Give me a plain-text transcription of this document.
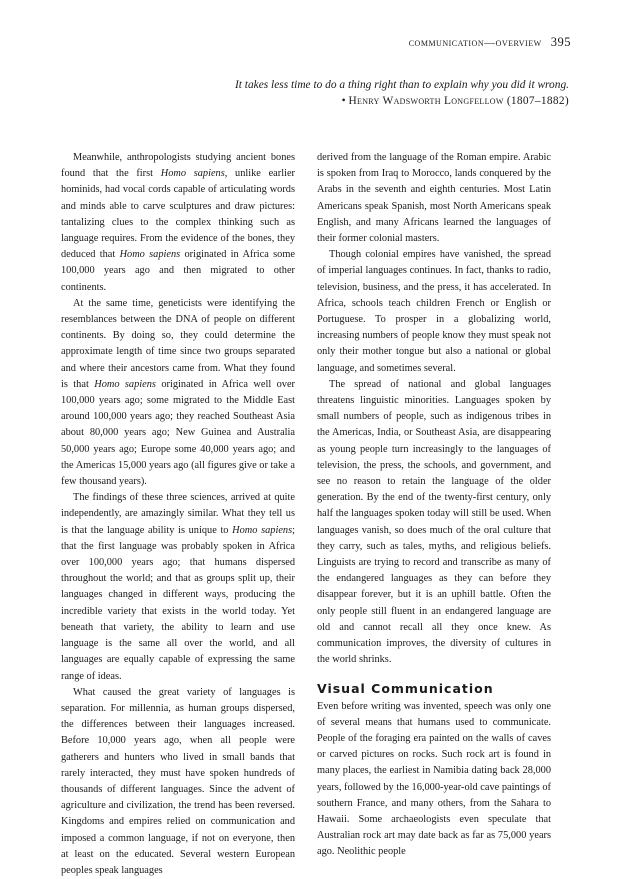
communication—overview 395
It takes less time to do a thing right than to explain why you did it wrong. • Henry Wadsworth Longfellow (1807–1882)

Meanwhile, anthropologists studying ancient bones found that the first Homo sapiens, unlike earlier hominids, had vocal cords capable of articulating words and minds able to carve sculptures and draw pictures: tantalizing clues to the complex thinking such as language requires. From the evidence of the bones, they deduced that Homo sapiens originated in Africa some 100,000 years ago and then migrated to other continents.

At the same time, geneticists were identifying the resemblances between the DNA of people on different continents. By doing so, they could determine the approximate length of time since two groups separated and where their ancestors came from. What they found is that Homo sapiens originated in Africa well over 100,000 years ago; some migrated to the Middle East around 100,000 years ago; they reached Southeast Asia about 80,000 years ago; New Guinea and Australia 50,000 years ago; Europe some 40,000 years ago; and the Americas 15,000 years ago (all figures give or take a few thousand years).

The findings of these three sciences, arrived at quite independently, are amazingly similar. What they tell us is that the language ability is unique to Homo sapiens; that the first language was probably spoken in Africa over 100,000 years ago; that humans dispersed throughout the world; and that as groups split up, their languages changed in different ways, producing the incredible variety that exists in the world today. Yet beneath that variety, the ability to learn and use language is the same all over the world, and all languages are equally capable of expressing the same range of ideas.

What caused the great variety of languages is separation. For millennia, as human groups dispersed, the differences between their languages increased. Before 10,000 years ago, when all people were gatherers and hunters who lived in small bands that rarely interacted, they must have spoken hundreds of thousands of different languages. Since the advent of agriculture and civilization, the trend has been reversed. Kingdoms and empires relied on communication and imposed a common language, if not on everyone, then at least on the educated. Several western European peoples speak languages

derived from the language of the Roman empire. Arabic is spoken from Iraq to Morocco, lands conquered by the Arabs in the seventh and eighth centuries. Most Latin Americans speak Spanish, most North Americans speak English, and many Africans learned the languages of their former colonial masters.

Though colonial empires have vanished, the spread of imperial languages continues. In fact, thanks to radio, television, business, and the press, it has accelerated. In Africa, schools teach children French or English or Portuguese. To prosper in a globalizing world, increasing numbers of people know they must speak not only their mother tongue but also a national or global language, and sometimes several.

The spread of national and global languages threatens linguistic minorities. Languages spoken by small numbers of people, such as indigenous tribes in the Americas, India, or Southeast Asia, are disappearing as young people turn increasingly to the languages of television, the press, the schools, and government, and see no reason to retain the language of the older generation. By the end of the twenty-first century, only half the languages spoken today will still be used. When languages vanish, so does much of the oral culture that they carry, such as tales, myths, and religious beliefs. Linguists are trying to record and transcribe as many of the endangered languages as they can before they disappear forever, but it is an uphill battle. Often the only people still fluent in an endangered language are old and cannot recall all they once knew. As communication improves, the diversity of cultures in the world shrinks.

Visual Communication

Even before writing was invented, speech was only one of several means that humans used to communicate. People of the foraging era painted on the walls of caves or carved pictures on rocks. Such rock art is found in many places, the earliest in Namibia dating back 28,000 years, followed by the 16,000-year-old cave paintings of southern France, and many others, from the Sahara to Hawaii. Some archaeologists even speculate that Australian rock art may date back as far as 75,000 years ago. Neolithic people
